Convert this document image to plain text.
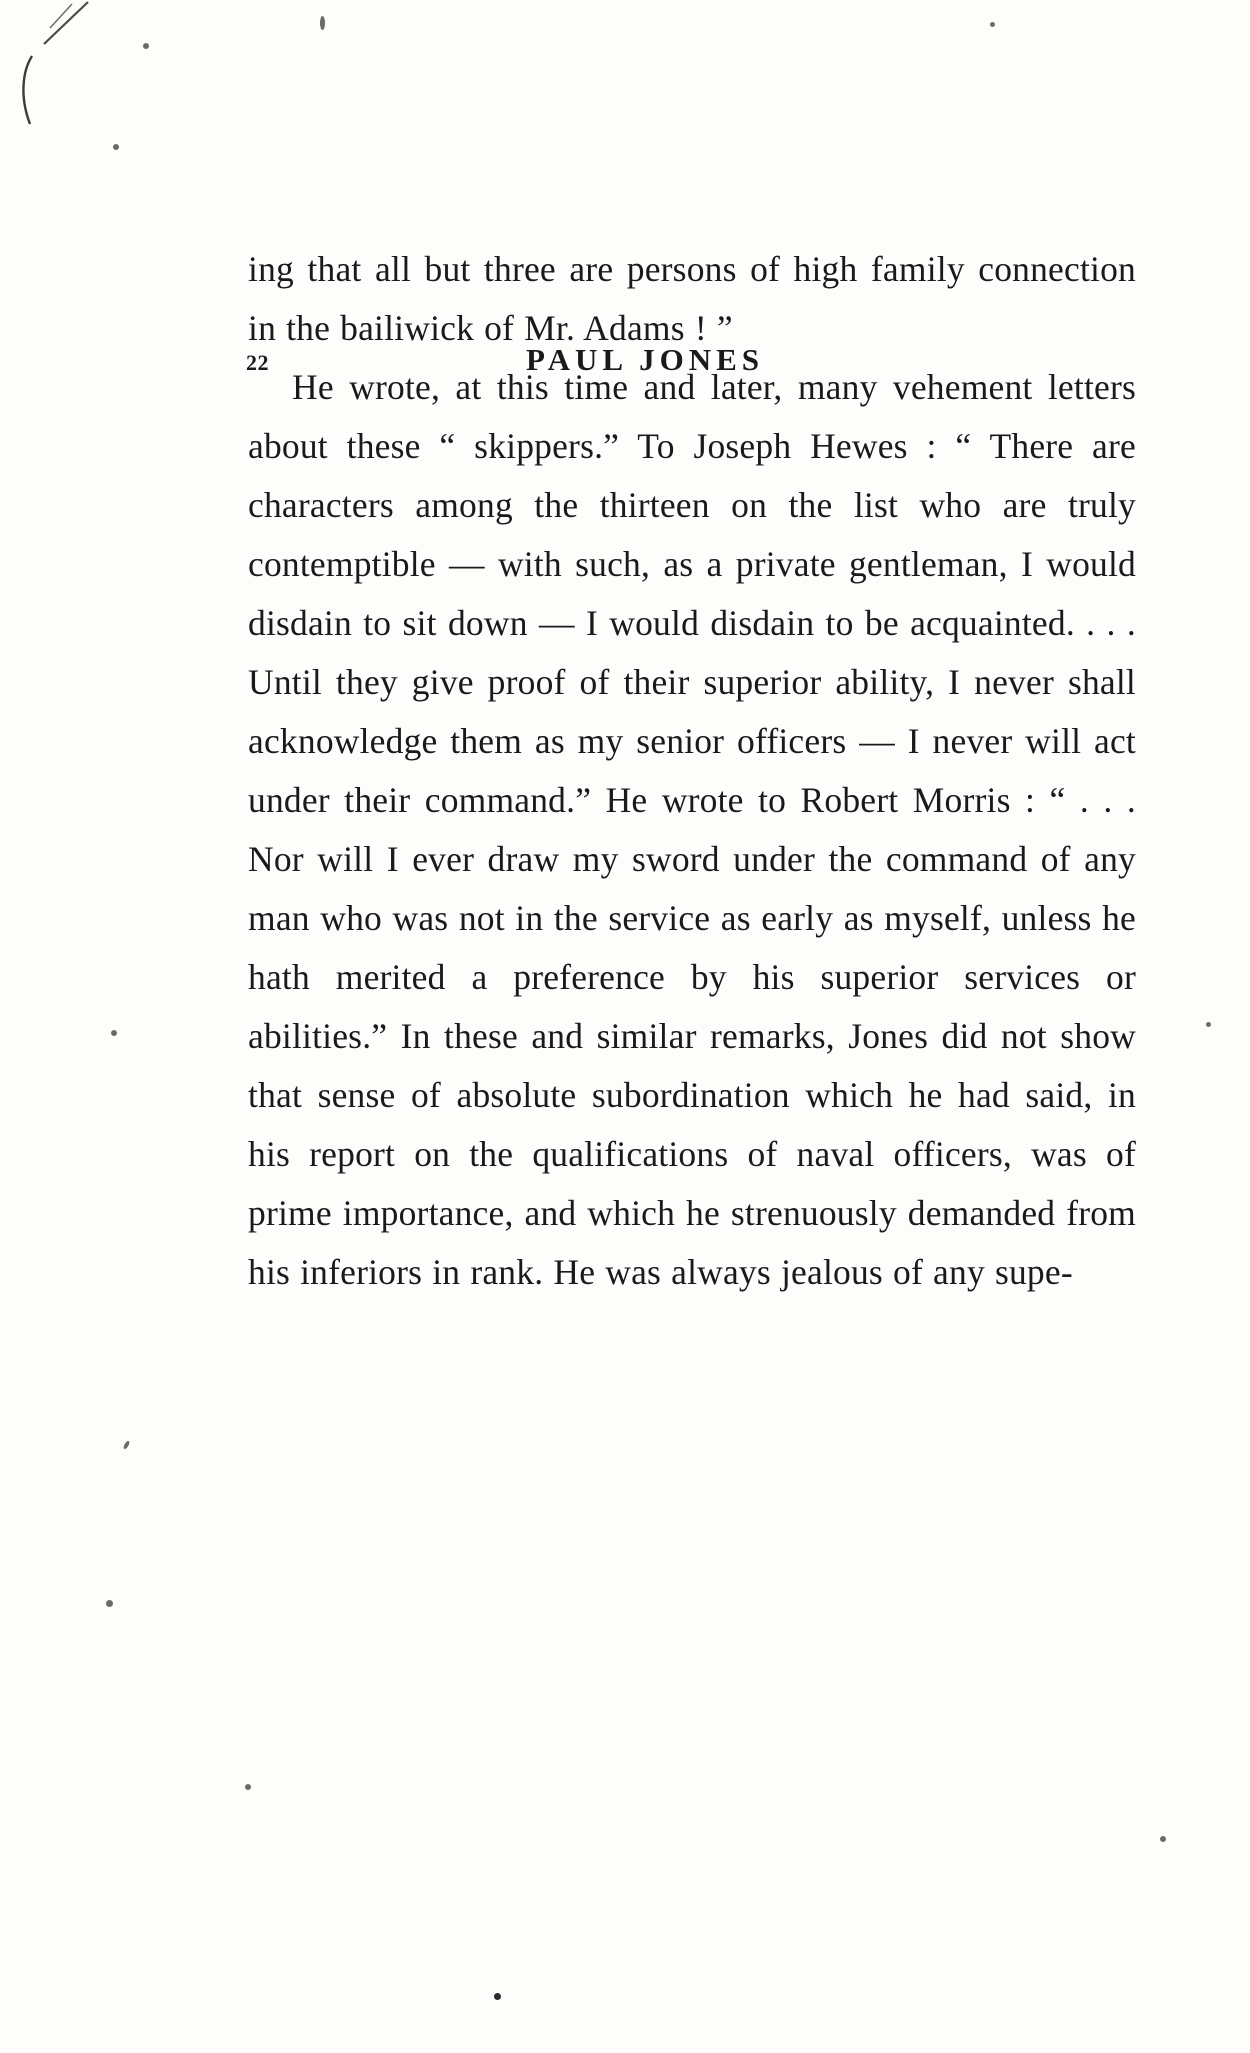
22	PAUL JONES

ing that all but three are persons of high family connection in the bailiwick of Mr. Adams ! ”

He wrote, at this time and later, many vehement letters about these “ skippers.” To Joseph Hewes : “ There are characters among the thirteen on the list who are truly contemptible — with such, as a private gentleman, I would disdain to sit down — I would disdain to be acquainted. . . . Until they give proof of their superior ability, I never shall acknowledge them as my senior officers — I never will act under their command.” He wrote to Robert Morris : “ . . . Nor will I ever draw my sword under the command of any man who was not in the service as early as myself, unless he hath merited a preference by his superior services or abilities.” In these and similar remarks, Jones did not show that sense of absolute subordination which he had said, in his report on the qualifications of naval officers, was of prime importance, and which he strenuously demanded from his inferiors in rank. He was always jealous of any supe-
